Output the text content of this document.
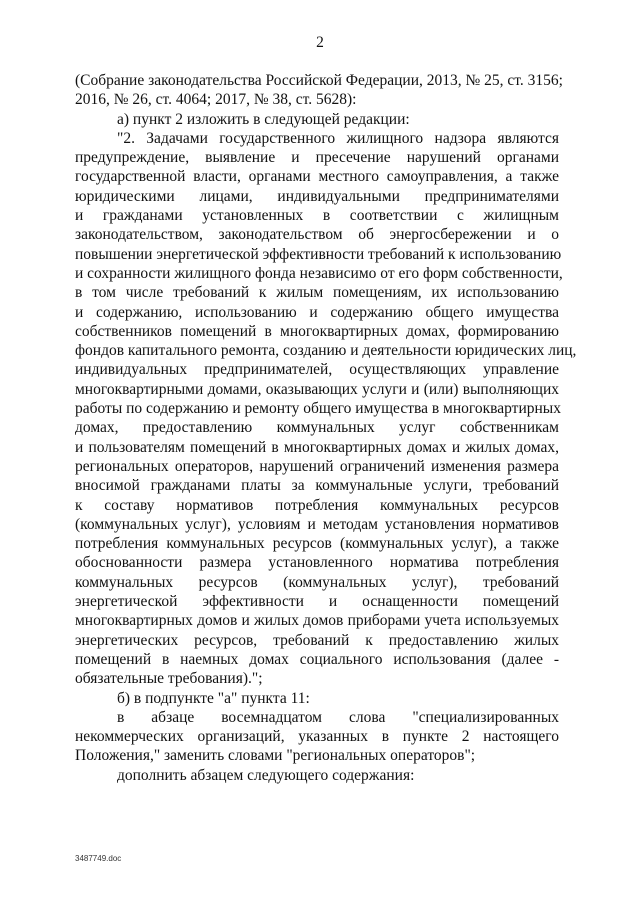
2
(Собрание законодательства Российской Федерации, 2013, № 25, ст. 3156;
2016, № 26, ст. 4064; 2017, № 38, ст. 5628):
а) пункт 2 изложить в следующей редакции:
"2. Задачами государственного жилищного надзора являются
предупреждение, выявление и пресечение нарушений органами
государственной власти, органами местного самоуправления, а также
юридическими лицами, индивидуальными предпринимателями
и гражданами установленных в соответствии с жилищным
законодательством, законодательством об энергосбережении и о
повышении энергетической эффективности требований к использованию
и сохранности жилищного фонда независимо от его форм собственности,
в том числе требований к жилым помещениям, их использованию
и содержанию, использованию и содержанию общего имущества
собственников помещений в многоквартирных домах, формированию
фондов капитального ремонта, созданию и деятельности юридических лиц,
индивидуальных предпринимателей, осуществляющих управление
многоквартирными домами, оказывающих услуги и (или) выполняющих
работы по содержанию и ремонту общего имущества в многоквартирных
домах, предоставлению коммунальных услуг собственникам
и пользователям помещений в многоквартирных домах и жилых домах,
региональных операторов, нарушений ограничений изменения размера
вносимой гражданами платы за коммунальные услуги, требований
к составу нормативов потребления коммунальных ресурсов
(коммунальных услуг), условиям и методам установления нормативов
потребления коммунальных ресурсов (коммунальных услуг), а также
обоснованности размера установленного норматива потребления
коммунальных ресурсов (коммунальных услуг), требований
энергетической эффективности и оснащенности помещений
многоквартирных домов и жилых домов приборами учета используемых
энергетических ресурсов, требований к предоставлению жилых
помещений в наемных домах социального использования (далее -
обязательные требования).";
б) в подпункте "а" пункта 11:
в абзаце восемнадцатом слова "специализированных
некоммерческих организаций, указанных в пункте 2 настоящего
Положения," заменить словами "региональных операторов";
дополнить абзацем следующего содержания:
3487749.doc
